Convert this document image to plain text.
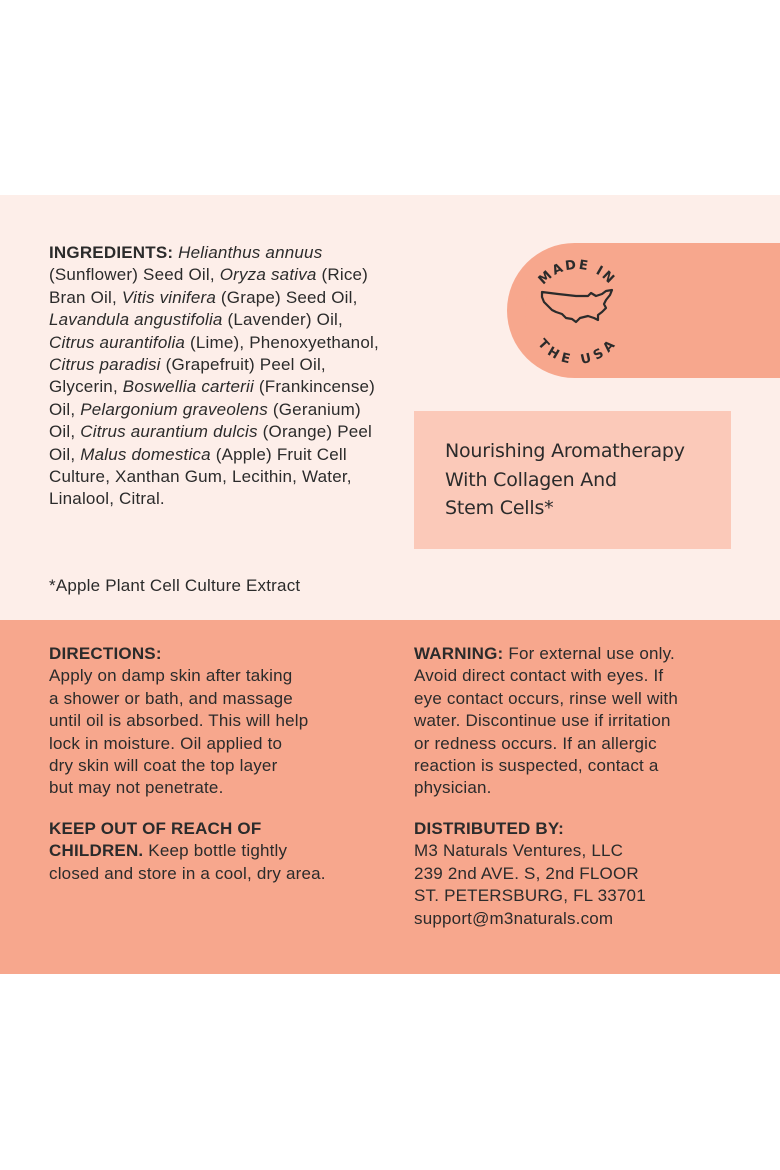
INGREDIENTS: Helianthus annuus (Sunflower) Seed Oil, Oryza sativa (Rice) Bran Oil, Vitis vinifera (Grape) Seed Oil, Lavandula angustifolia (Lavender) Oil, Citrus aurantifolia (Lime), Phenoxyethanol, Citrus paradisi (Grapefruit) Peel Oil, Glycerin, Boswellia carterii (Frankincense) Oil, Pelargonium graveolens (Geranium) Oil, Citrus aurantium dulcis (Orange) Peel Oil, Malus domestica (Apple) Fruit Cell Culture, Xanthan Gum, Lecithin, Water, Linalool, Citral.
*Apple Plant Cell Culture Extract
MADE IN
THE USA
Nourishing Aromatherapy
With Collagen And
Stem Cells*
DIRECTIONS:
Apply on damp skin after taking
a shower or bath, and massage
until oil is absorbed. This will help
lock in moisture. Oil applied to
dry skin will coat the top layer
but may not penetrate.
KEEP OUT OF REACH OF
CHILDREN. Keep bottle tightly
closed and store in a cool, dry area.
WARNING: For external use only.
Avoid direct contact with eyes. If
eye contact occurs, rinse well with
water. Discontinue use if irritation
or redness occurs. If an allergic
reaction is suspected, contact a
physician.
DISTRIBUTED BY:
M3 Naturals Ventures, LLC
239 2nd AVE. S, 2nd FLOOR
ST. PETERSBURG, FL 33701
support@m3naturals.com
